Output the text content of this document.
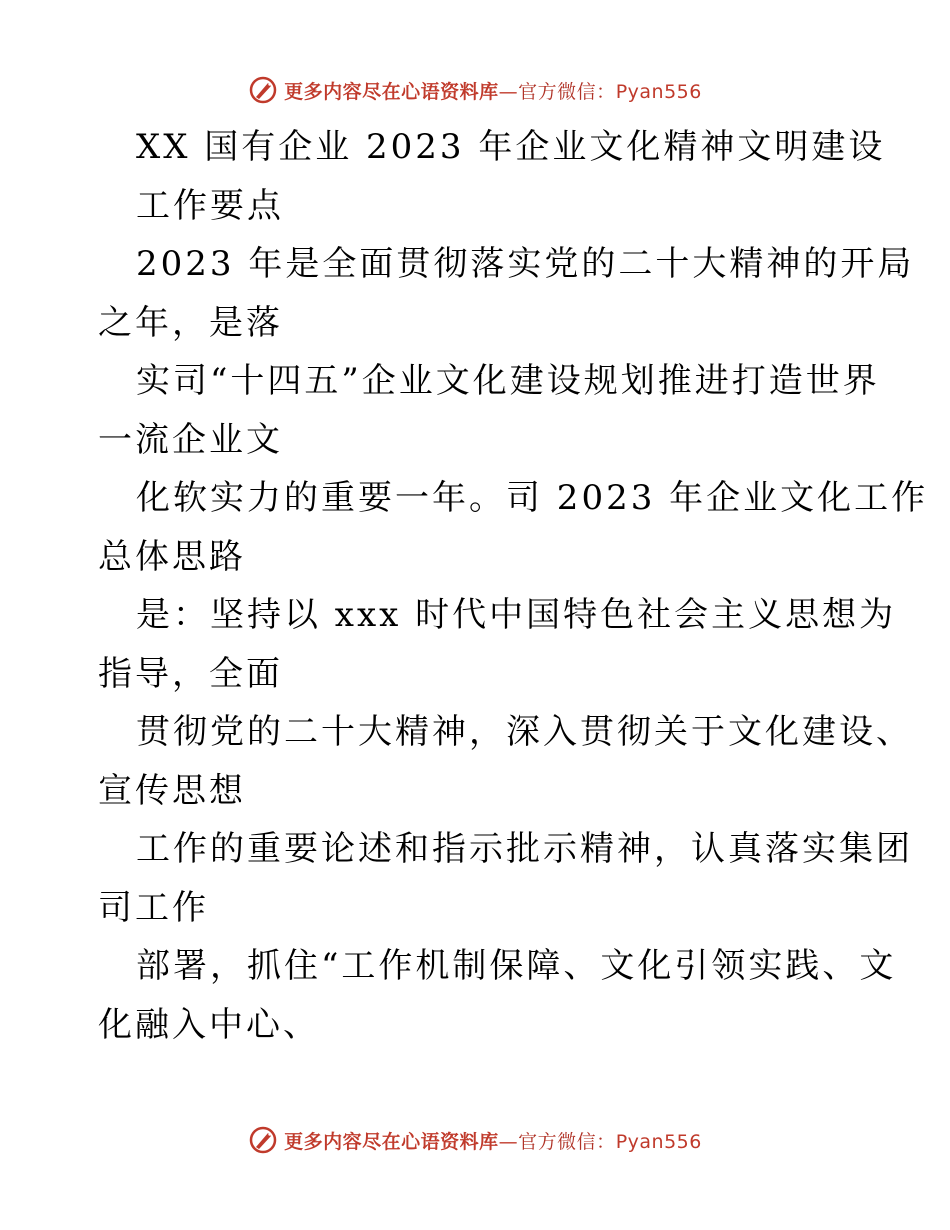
更多内容尽在心语资料库—官方微信：Pyan556
XX 国有企业 2023 年企业文化精神文明建设
工作要点
2023 年是全面贯彻落实党的二十大精神的开局
之年，是落
实司“十四五”企业文化建设规划推进打造世界
一流企业文
化软实力的重要一年。司 2023 年企业文化工作
总体思路
是：坚持以 xxx 时代中国特色社会主义思想为
指导，全面
贯彻党的二十大精神，深入贯彻关于文化建设、
宣传思想
工作的重要论述和指示批示精神，认真落实集团
司工作
部署，抓住“工作机制保障、文化引领实践、文
化融入中心、
更多内容尽在心语资料库—官方微信：Pyan556
